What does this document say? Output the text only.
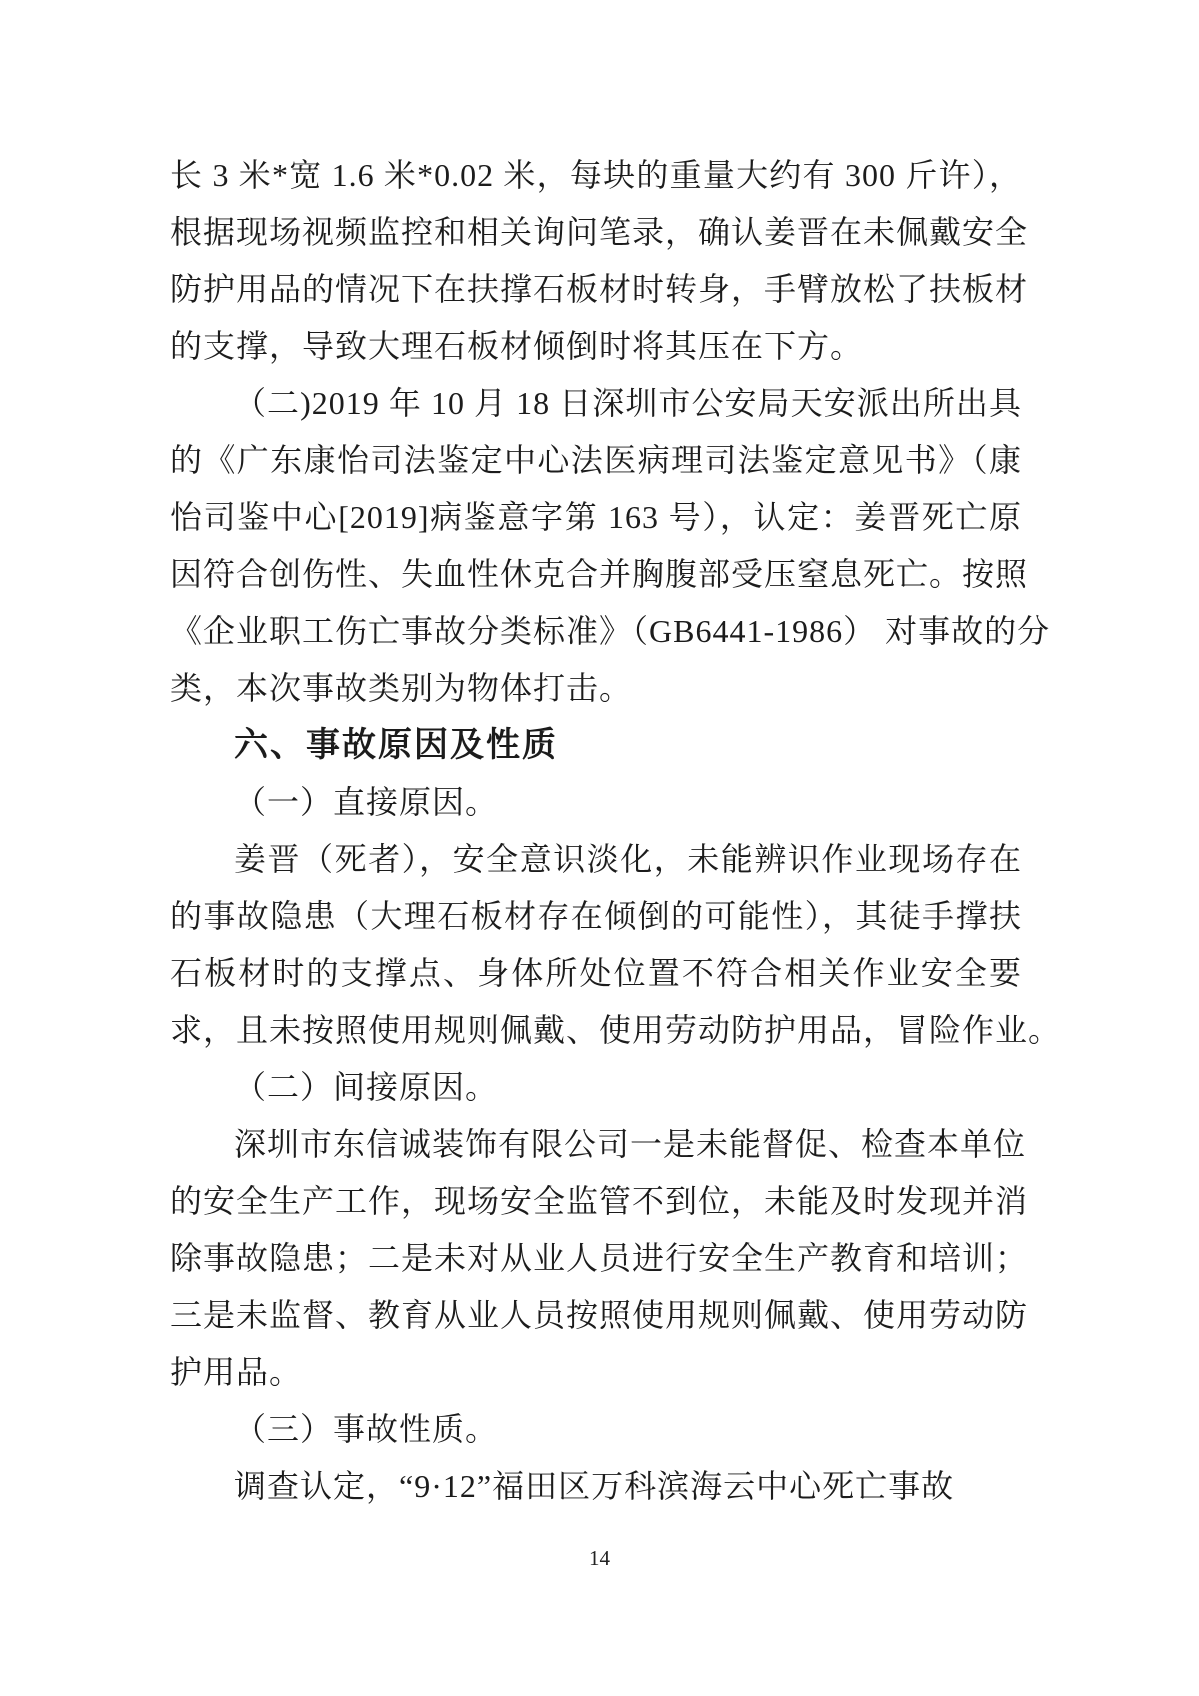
长 3 米*宽 1.6 米*0.02 米，每块的重量大约有 300 斤许），
根据现场视频监控和相关询问笔录，确认姜晋在未佩戴安全
防护用品的情况下在扶撑石板材时转身，手臂放松了扶板材
的支撑，导致大理石板材倾倒时将其压在下方。
（二)2019 年 10 月 18 日深圳市公安局天安派出所出具
的《广东康怡司法鉴定中心法医病理司法鉴定意见书》（康
怡司鉴中心[2019]病鉴意字第 163 号），认定：姜晋死亡原
因符合创伤性、失血性休克合并胸腹部受压窒息死亡。按照
《企业职工伤亡事故分类标准》（GB6441-1986） 对事故的分
类，本次事故类别为物体打击。
六、事故原因及性质
（一）直接原因。
姜晋（死者），安全意识淡化，未能辨识作业现场存在
的事故隐患（大理石板材存在倾倒的可能性），其徒手撑扶
石板材时的支撑点、身体所处位置不符合相关作业安全要
求，且未按照使用规则佩戴、使用劳动防护用品，冒险作业。
（二）间接原因。
深圳市东信诚装饰有限公司一是未能督促、检查本单位
的安全生产工作，现场安全监管不到位，未能及时发现并消
除事故隐患；二是未对从业人员进行安全生产教育和培训；
三是未监督、教育从业人员按照使用规则佩戴、使用劳动防
护用品。
（三）事故性质。
调查认定，“9·12”福田区万科滨海云中心死亡事故
14
